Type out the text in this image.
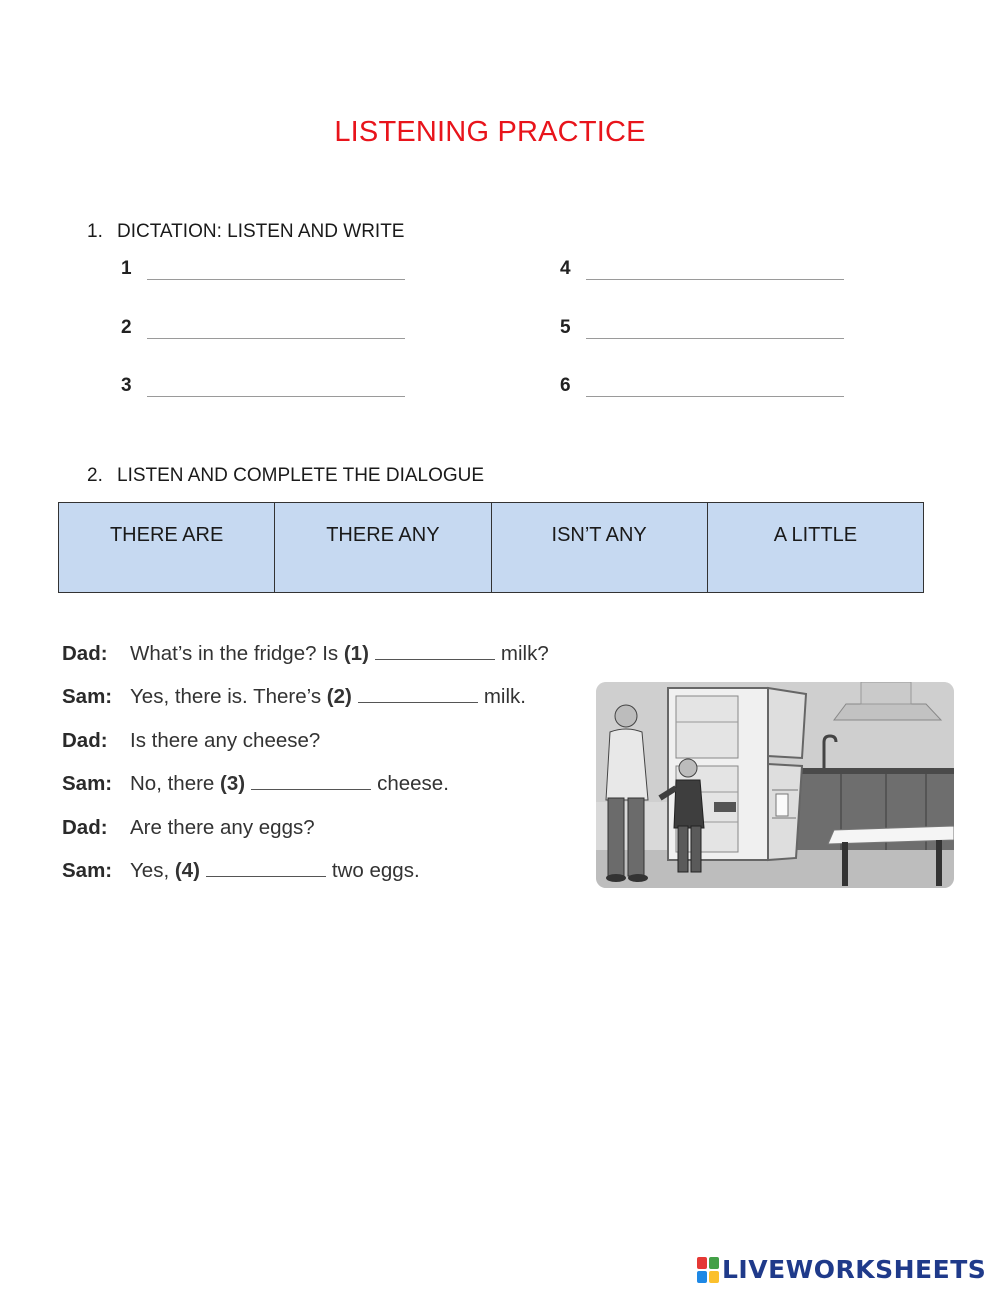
LISTENING PRACTICE
1. DICTATION: LISTEN AND WRITE
1
2
3
4
5
6
2. LISTEN AND COMPLETE THE DIALOGUE
THERE ARE	THERE ANY	ISN’T ANY	A LITTLE
Dad: What’s in the fridge? Is (1)	milk?
Sam: Yes, there is. There’s (2)	milk.
Dad: Is there any cheese?
Sam: No, there (3)	cheese.
Dad: Are there any eggs?
Sam: Yes, (4)	two eggs.
LIVEWORKSHEETS
